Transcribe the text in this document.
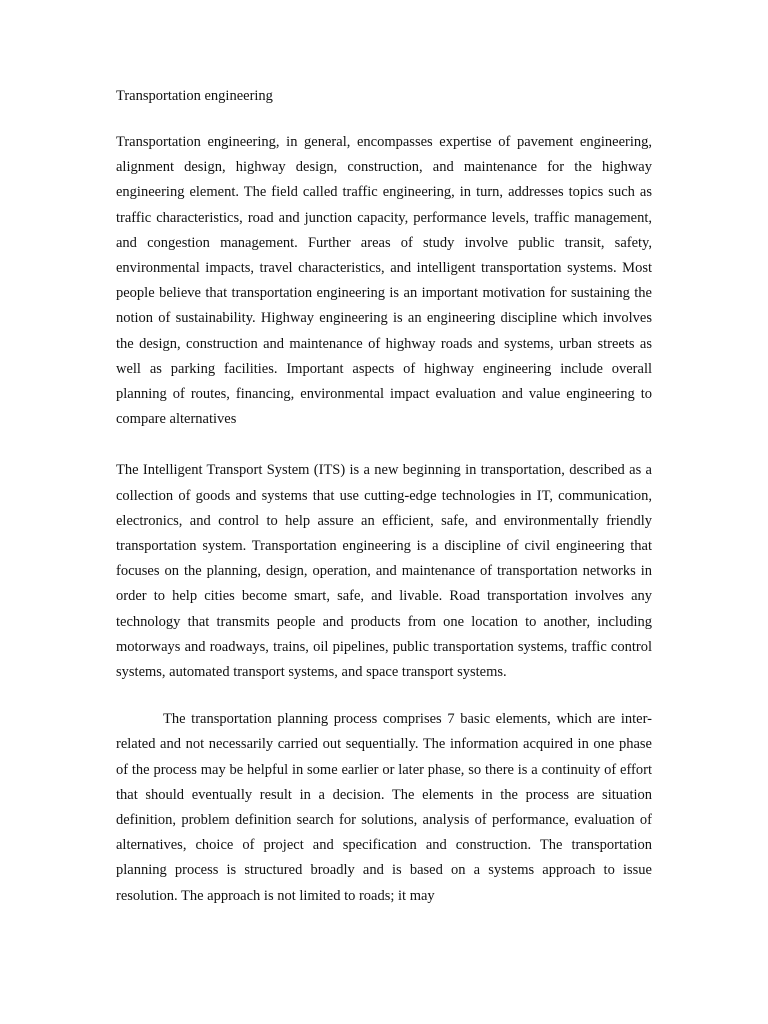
Transportation engineering

Transportation engineering, in general, encompasses expertise of pavement engineering, alignment design, highway design, construction, and maintenance for the highway engineering element. The field called traffic engineering, in turn, addresses topics such as traffic characteristics, road and junction capacity, performance levels, traffic management, and congestion management. Further areas of study involve public transit, safety, environmental impacts, travel characteristics, and intelligent transportation systems. Most people believe that transportation engineering is an important motivation for sustaining the notion of sustainability. Highway engineering is an engineering discipline which involves the design, construction and maintenance of highway roads and systems, urban streets as well as parking facilities. Important aspects of highway engineering include overall planning of routes, financing, environmental impact evaluation and value engineering to compare alternatives

The Intelligent Transport System (ITS) is a new beginning in transportation, described as a collection of goods and systems that use cutting-edge technologies in IT, communication, electronics, and control to help assure an efficient, safe, and environmentally friendly transportation system. Transportation engineering is a discipline of civil engineering that focuses on the planning, design, operation, and maintenance of transportation networks in order to help cities become smart, safe, and livable. Road transportation involves any technology that transmits people and products from one location to another, including motorways and roadways, trains, oil pipelines, public transportation systems, traffic control systems, automated transport systems, and space transport systems.

The transportation planning process comprises 7 basic elements, which are inter-related and not necessarily carried out sequentially. The information acquired in one phase of the process may be helpful in some earlier or later phase, so there is a continuity of effort that should eventually result in a decision. The elements in the process are situation definition, problem definition search for solutions, analysis of performance, evaluation of alternatives, choice of project and specification and construction. The transportation planning process is structured broadly and is based on a systems approach to issue resolution. The approach is not limited to roads; it may
